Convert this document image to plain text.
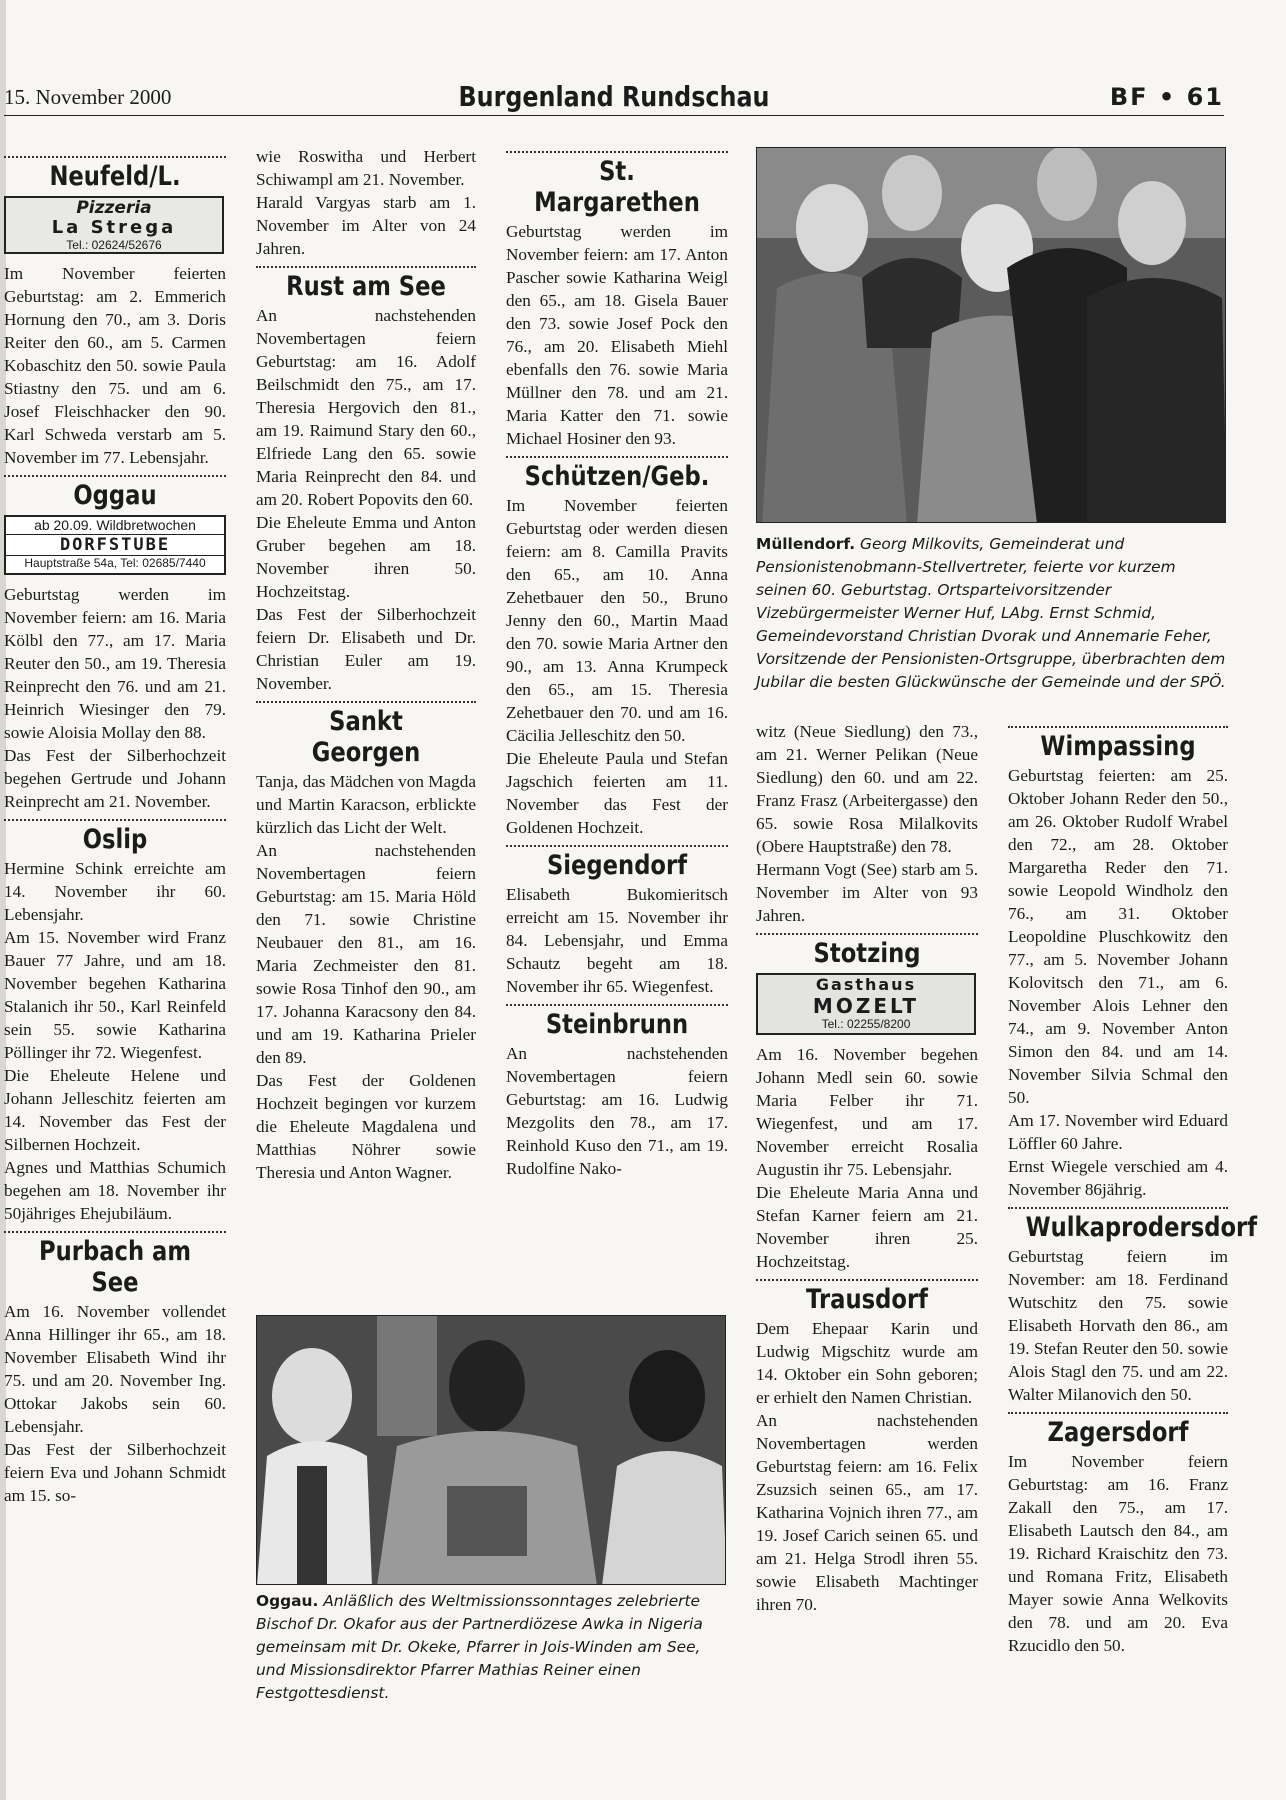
15. November 2000	Burgenland Rundschau	BF • 61
Neufeld/L.
Pizzeria
La Strega
Tel.: 02624/52676

Im November feierten Geburtstag: am 2. Emmerich Hornung den 70., am 3. Doris Reiter den 60., am 5. Carmen Kobaschitz den 50. sowie Paula Stiastny den 75. und am 6. Josef Fleischhacker den 90. Karl Schweda verstarb am 5. November im 77. Lebensjahr.

Oggau
ab 20.09. Wildbretwochen
DORFSTUBE
Hauptstraße 54a, Tel: 02685/7440

Geburtstag werden im November feiern: am 16. Maria Kölbl den 77., am 17. Maria Reuter den 50., am 19. Theresia Reinprecht den 76. und am 21. Heinrich Wiesinger den 79. sowie Aloisia Mollay den 88.

Das Fest der Silberhochzeit begehen Gertrude und Johann Reinprecht am 21. November.

Oslip

Hermine Schink erreichte am 14. November ihr 60. Lebensjahr.

Am 15. November wird Franz Bauer 77 Jahre, und am 18. November begehen Katharina Stalanich ihr 50., Karl Reinfeld sein 55. sowie Katharina Pöllinger ihr 72. Wiegenfest.

Die Eheleute Helene und Johann Jelleschitz feierten am 14. November das Fest der Silbernen Hochzeit.

Agnes und Matthias Schumich begehen am 18. November ihr 50jähriges Ehejubiläum.

Purbach am See

Am 16. November vollendet Anna Hillinger ihr 65., am 18. November Elisabeth Wind ihr 75. und am 20. November Ing. Ottokar Jakobs sein 60. Lebensjahr.

Das Fest der Silberhochzeit feiern Eva und Johann Schmidt am 15. so-

wie Roswitha und Herbert Schiwampl am 21. November.

Harald Vargyas starb am 1. November im Alter von 24 Jahren.

Rust am See

An nachstehenden Novembertagen feiern Geburtstag: am 16. Adolf Beilschmidt den 75., am 17. Theresia Hergovich den 81., am 19. Raimund Stary den 60., Elfriede Lang den 65. sowie Maria Reinprecht den 84. und am 20. Robert Popovits den 60.

Die Eheleute Emma und Anton Gruber begehen am 18. November ihren 50. Hochzeitstag.

Das Fest der Silberhochzeit feiern Dr. Elisabeth und Dr. Christian Euler am 19. November.

Sankt Georgen

Tanja, das Mädchen von Magda und Martin Karacson, erblickte kürzlich das Licht der Welt.

An nachstehenden Novembertagen feiern Geburtstag: am 15. Maria Höld den 71. sowie Christine Neubauer den 81., am 16. Maria Zechmeister den 81. sowie Rosa Tinhof den 90., am 17. Johanna Karacsony den 84. und am 19. Katharina Prieler den 89.

Das Fest der Goldenen Hochzeit begingen vor kurzem die Eheleute Magdalena und Matthias Nöhrer sowie Theresia und Anton Wagner.

St. Margarethen

Geburtstag werden im November feiern: am 17. Anton Pascher sowie Katharina Weigl den 65., am 18. Gisela Bauer den 73. sowie Josef Pock den 76., am 20. Elisabeth Miehl ebenfalls den 76. sowie Maria Müllner den 78. und am 21. Maria Katter den 71. sowie Michael Hosiner den 93.

Schützen/Geb.

Im November feierten Geburtstag oder werden diesen feiern: am 8. Camilla Pravits den 65., am 10. Anna Zehetbauer den 50., Bruno Jenny den 60., Martin Maad den 70. sowie Maria Artner den 90., am 13. Anna Krumpeck den 65., am 15. Theresia Zehetbauer den 70. und am 16. Cäcilia Jelleschitz den 50.

Die Eheleute Paula und Stefan Jagschich feierten am 11. November das Fest der Goldenen Hochzeit.

Siegendorf

Elisabeth Bukomieritsch erreicht am 15. November ihr 84. Lebensjahr, und Emma Schautz begeht am 18. November ihr 65. Wiegenfest.

Steinbrunn

An nachstehenden Novembertagen feiern Geburtstag: am 16. Ludwig Mezgolits den 78., am 17. Reinhold Kuso den 71., am 19. Rudolfine Nako-

Müllendorf. Georg Milkovits, Gemeinderat und Pensionistenobmann-Stellvertreter, feierte vor kurzem seinen 60. Geburtstag. Ortsparteivorsitzender Vizebürgermeister Werner Huf, LAbg. Ernst Schmid, Gemeindevorstand Christian Dvorak und Annemarie Feher, Vorsitzende der Pensionisten-Ortsgruppe, überbrachten dem Jubilar die besten Glückwünsche der Gemeinde und der SPÖ.
Oggau. Anläßlich des Weltmissionssonntages zelebrierte Bischof Dr. Okafor aus der Partnerdiözese Awka in Nigeria gemeinsam mit Dr. Okeke, Pfarrer in Jois-Winden am See, und Missionsdirektor Pfarrer Mathias Reiner einen Festgottesdienst.

witz (Neue Siedlung) den 73., am 21. Werner Pelikan (Neue Siedlung) den 60. und am 22. Franz Frasz (Arbeitergasse) den 65. sowie Rosa Milalkovits (Obere Hauptstraße) den 78.

Hermann Vogt (See) starb am 5. November im Alter von 93 Jahren.

Stotzing
Gasthaus
MOZELT
Tel.: 02255/8200

Am 16. November begehen Johann Medl sein 60. sowie Maria Felber ihr 71. Wiegenfest, und am 17. November erreicht Rosalia Augustin ihr 75. Lebensjahr.

Die Eheleute Maria Anna und Stefan Karner feiern am 21. November ihren 25. Hochzeitstag.

Trausdorf

Dem Ehepaar Karin und Ludwig Migschitz wurde am 14. Oktober ein Sohn geboren; er erhielt den Namen Christian.

An nachstehenden Novembertagen werden Geburtstag feiern: am 16. Felix Zsuzsich seinen 65., am 17. Katharina Vojnich ihren 77., am 19. Josef Carich seinen 65. und am 21. Helga Strodl ihren 55. sowie Elisabeth Machtinger ihren 70.

Wimpassing

Geburtstag feierten: am 25. Oktober Johann Reder den 50., am 26. Oktober Rudolf Wrabel den 72., am 28. Oktober Margaretha Reder den 71. sowie Leopold Windholz den 76., am 31. Oktober Leopoldine Pluschkowitz den 77., am 5. November Johann Kolovitsch den 71., am 6. November Alois Lehner den 74., am 9. November Anton Simon den 84. und am 14. November Silvia Schmal den 50.

Am 17. November wird Eduard Löffler 60 Jahre.

Ernst Wiegele verschied am 4. November 86jährig.

Wulkaprodersdorf

Geburtstag feiern im November: am 18. Ferdinand Wutschitz den 75. sowie Elisabeth Horvath den 86., am 19. Stefan Reuter den 50. sowie Alois Stagl den 75. und am 22. Walter Milanovich den 50.

Zagersdorf

Im November feiern Geburtstag: am 16. Franz Zakall den 75., am 17. Elisabeth Lautsch den 84., am 19. Richard Kraischitz den 73. und Romana Fritz, Elisabeth Mayer sowie Anna Welkovits den 78. und am 20. Eva Rzucidlo den 50.
